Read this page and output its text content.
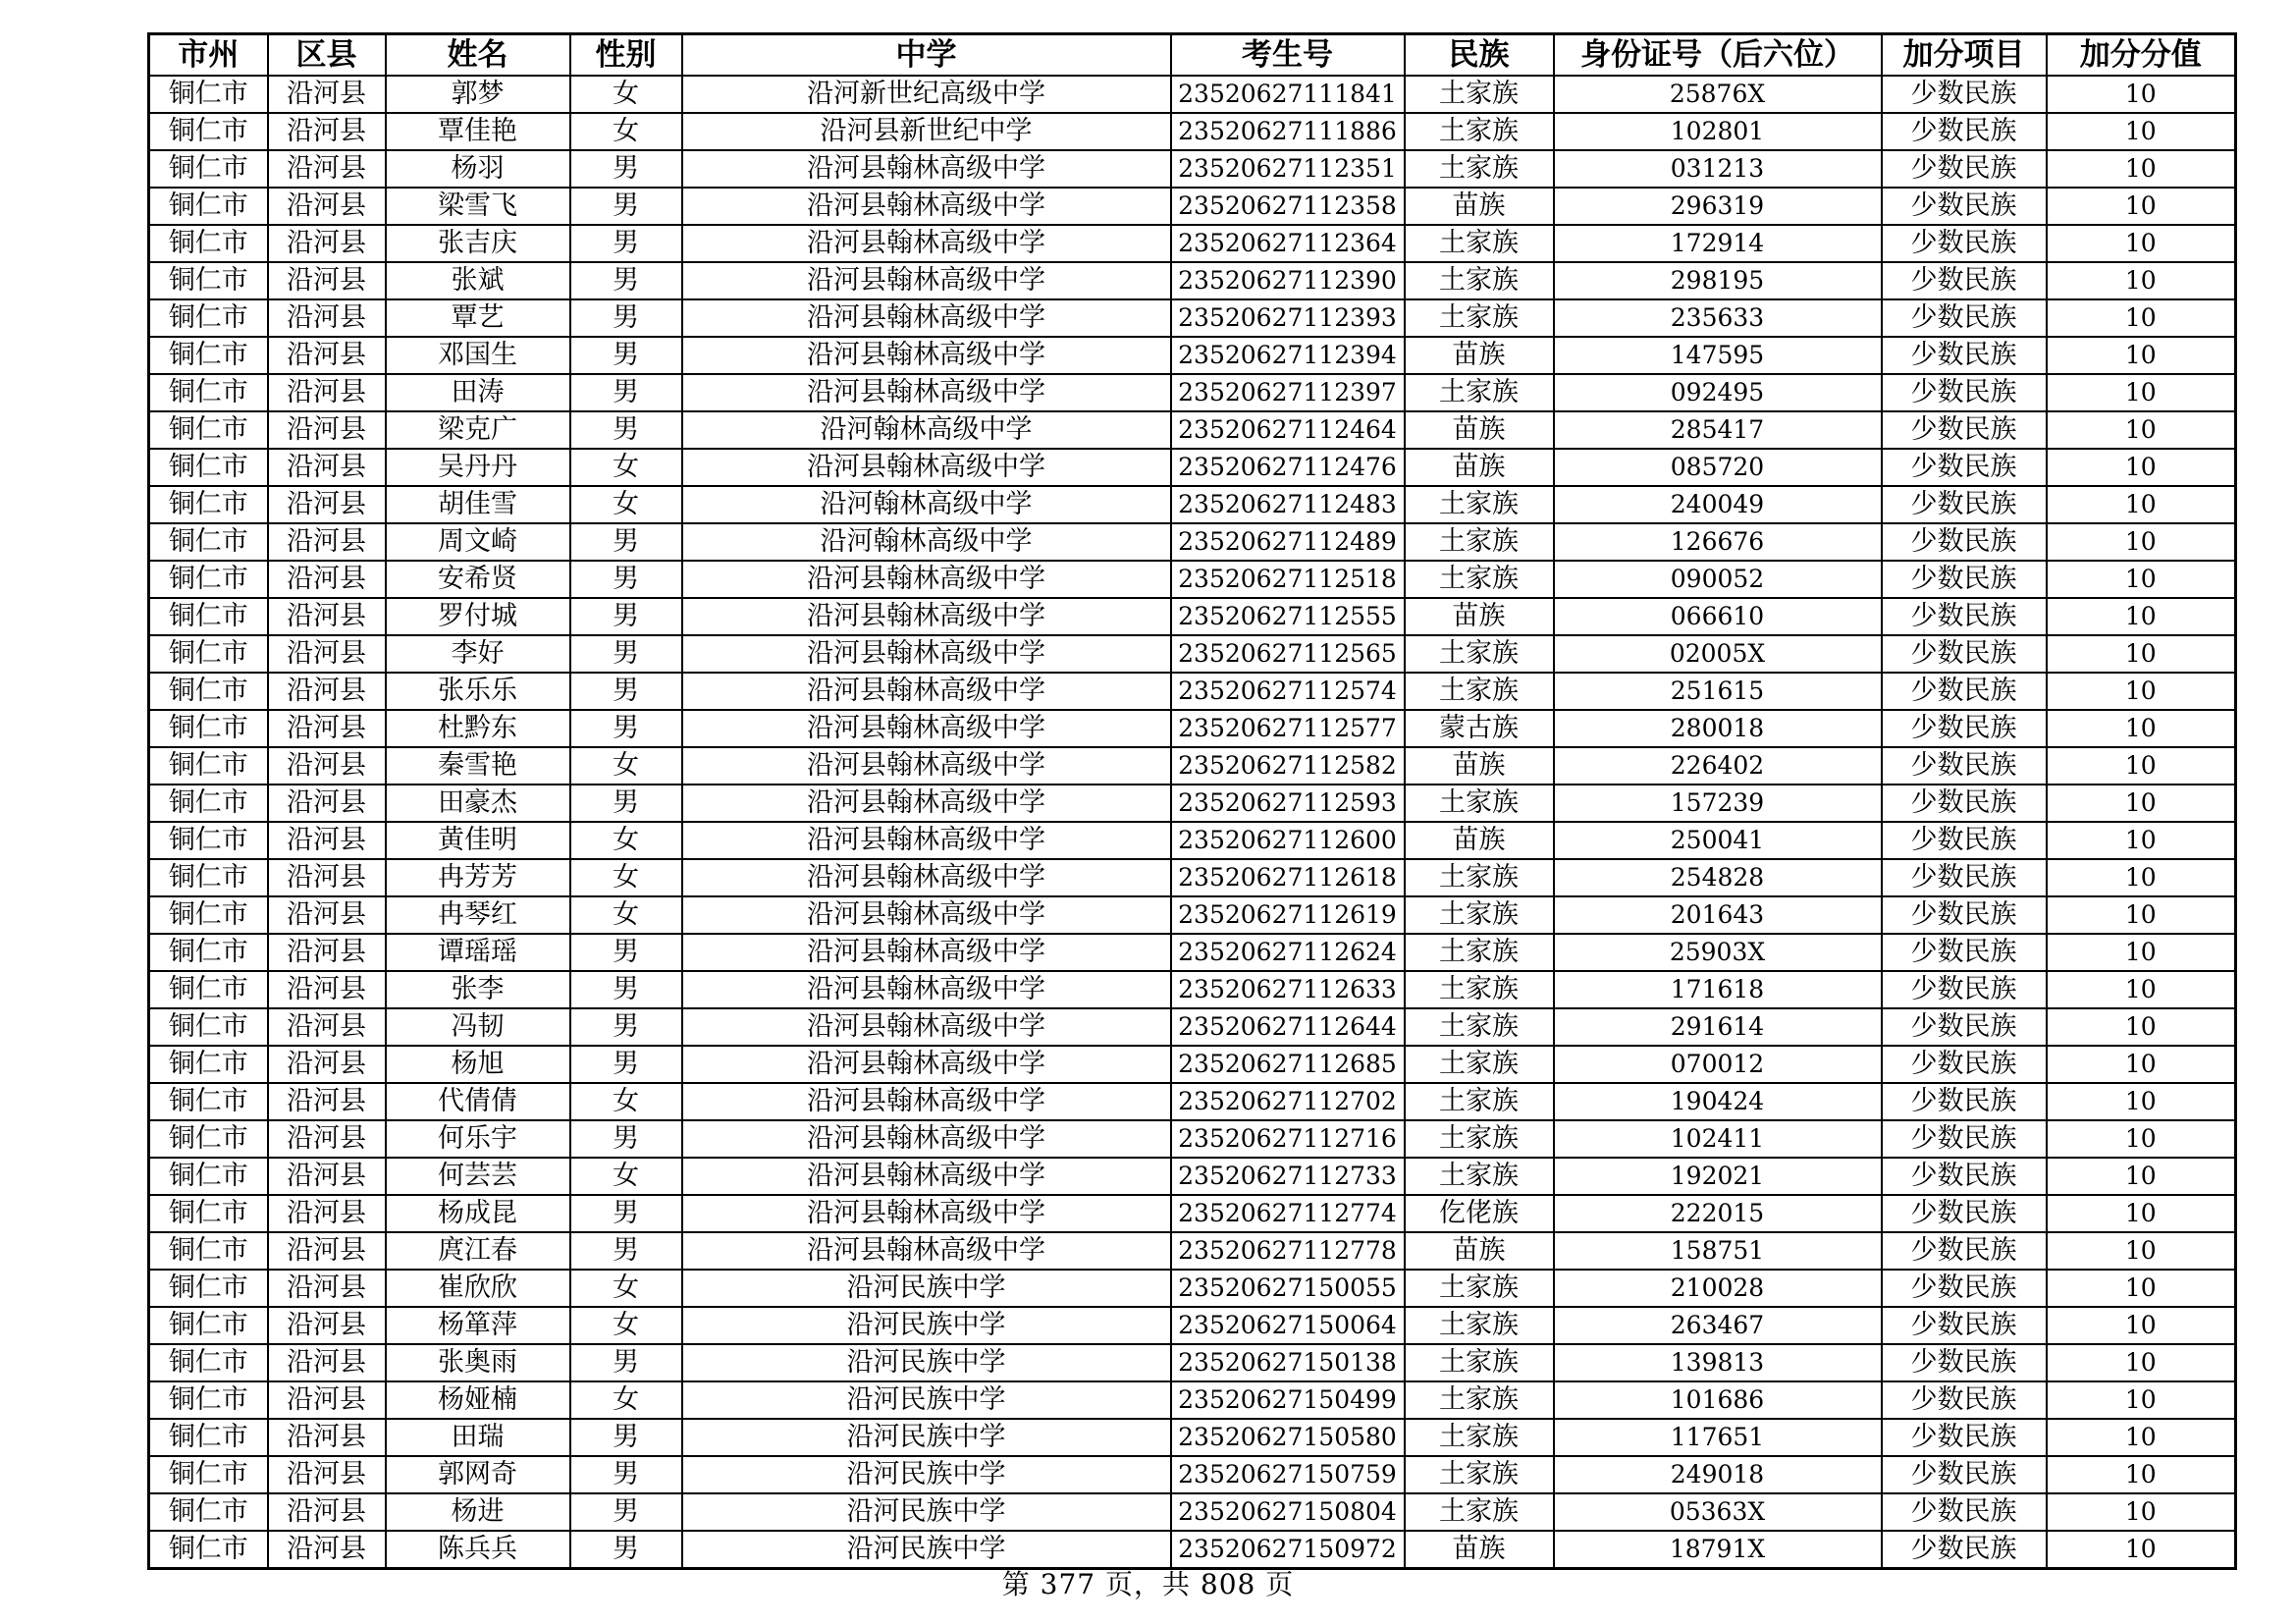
市州	区县	姓名	性别	中学	考生号	民族	身份证号（后六位）	加分项目	加分分值
铜仁市	沿河县	郭梦	女	沿河新世纪高级中学	23520627111841	土家族	25876X	少数民族	10
铜仁市	沿河县	覃佳艳	女	沿河县新世纪中学	23520627111886	土家族	102801	少数民族	10
铜仁市	沿河县	杨羽	男	沿河县翰林高级中学	23520627112351	土家族	031213	少数民族	10
铜仁市	沿河县	梁雪飞	男	沿河县翰林高级中学	23520627112358	苗族	296319	少数民族	10
铜仁市	沿河县	张吉庆	男	沿河县翰林高级中学	23520627112364	土家族	172914	少数民族	10
铜仁市	沿河县	张斌	男	沿河县翰林高级中学	23520627112390	土家族	298195	少数民族	10
铜仁市	沿河县	覃艺	男	沿河县翰林高级中学	23520627112393	土家族	235633	少数民族	10
铜仁市	沿河县	邓国生	男	沿河县翰林高级中学	23520627112394	苗族	147595	少数民族	10
铜仁市	沿河县	田涛	男	沿河县翰林高级中学	23520627112397	土家族	092495	少数民族	10
铜仁市	沿河县	梁克广	男	沿河翰林高级中学	23520627112464	苗族	285417	少数民族	10
铜仁市	沿河县	吴丹丹	女	沿河县翰林高级中学	23520627112476	苗族	085720	少数民族	10
铜仁市	沿河县	胡佳雪	女	沿河翰林高级中学	23520627112483	土家族	240049	少数民族	10
铜仁市	沿河县	周文崎	男	沿河翰林高级中学	23520627112489	土家族	126676	少数民族	10
铜仁市	沿河县	安希贤	男	沿河县翰林高级中学	23520627112518	土家族	090052	少数民族	10
铜仁市	沿河县	罗付城	男	沿河县翰林高级中学	23520627112555	苗族	066610	少数民族	10
铜仁市	沿河县	李好	男	沿河县翰林高级中学	23520627112565	土家族	02005X	少数民族	10
铜仁市	沿河县	张乐乐	男	沿河县翰林高级中学	23520627112574	土家族	251615	少数民族	10
铜仁市	沿河县	杜黔东	男	沿河县翰林高级中学	23520627112577	蒙古族	280018	少数民族	10
铜仁市	沿河县	秦雪艳	女	沿河县翰林高级中学	23520627112582	苗族	226402	少数民族	10
铜仁市	沿河县	田豪杰	男	沿河县翰林高级中学	23520627112593	土家族	157239	少数民族	10
铜仁市	沿河县	黄佳明	女	沿河县翰林高级中学	23520627112600	苗族	250041	少数民族	10
铜仁市	沿河县	冉芳芳	女	沿河县翰林高级中学	23520627112618	土家族	254828	少数民族	10
铜仁市	沿河县	冉琴红	女	沿河县翰林高级中学	23520627112619	土家族	201643	少数民族	10
铜仁市	沿河县	谭瑶瑶	男	沿河县翰林高级中学	23520627112624	土家族	25903X	少数民族	10
铜仁市	沿河县	张李	男	沿河县翰林高级中学	23520627112633	土家族	171618	少数民族	10
铜仁市	沿河县	冯韧	男	沿河县翰林高级中学	23520627112644	土家族	291614	少数民族	10
铜仁市	沿河县	杨旭	男	沿河县翰林高级中学	23520627112685	土家族	070012	少数民族	10
铜仁市	沿河县	代倩倩	女	沿河县翰林高级中学	23520627112702	土家族	190424	少数民族	10
铜仁市	沿河县	何乐宇	男	沿河县翰林高级中学	23520627112716	土家族	102411	少数民族	10
铜仁市	沿河县	何芸芸	女	沿河县翰林高级中学	23520627112733	土家族	192021	少数民族	10
铜仁市	沿河县	杨成昆	男	沿河县翰林高级中学	23520627112774	仡佬族	222015	少数民族	10
铜仁市	沿河县	庹江春	男	沿河县翰林高级中学	23520627112778	苗族	158751	少数民族	10
铜仁市	沿河县	崔欣欣	女	沿河民族中学	23520627150055	土家族	210028	少数民族	10
铜仁市	沿河县	杨箪萍	女	沿河民族中学	23520627150064	土家族	263467	少数民族	10
铜仁市	沿河县	张奥雨	男	沿河民族中学	23520627150138	土家族	139813	少数民族	10
铜仁市	沿河县	杨娅楠	女	沿河民族中学	23520627150499	土家族	101686	少数民族	10
铜仁市	沿河县	田瑞	男	沿河民族中学	23520627150580	土家族	117651	少数民族	10
铜仁市	沿河县	郭网奇	男	沿河民族中学	23520627150759	土家族	249018	少数民族	10
铜仁市	沿河县	杨进	男	沿河民族中学	23520627150804	土家族	05363X	少数民族	10
铜仁市	沿河县	陈兵兵	男	沿河民族中学	23520627150972	苗族	18791X	少数民族	10
第 377 页，共 808 页
